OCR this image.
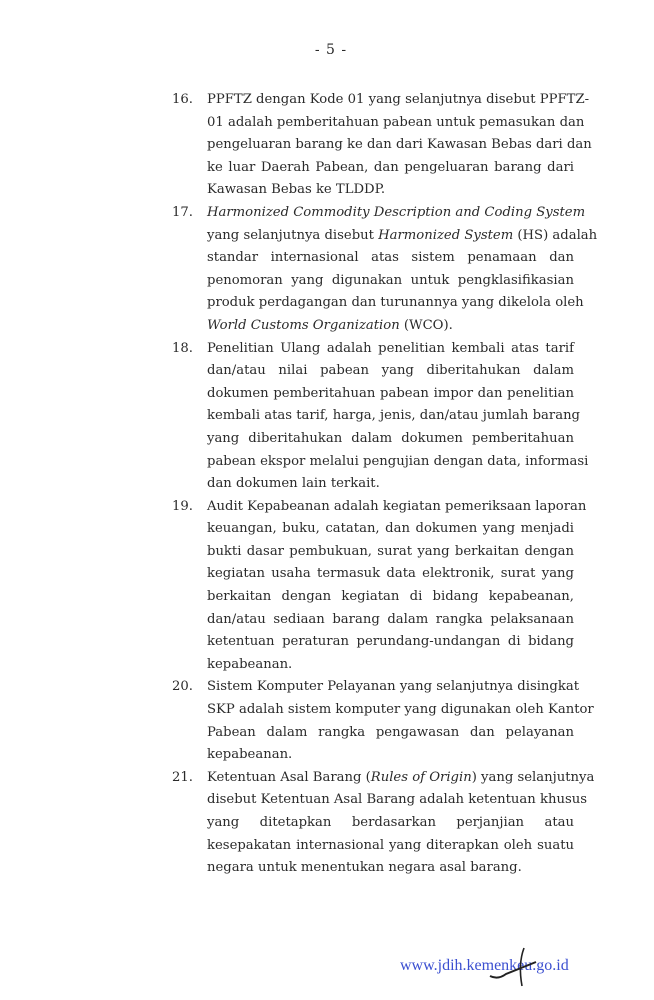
- 5 -
16.	PPFTZ dengan Kode 01 yang selanjutnya disebut PPFTZ-
01 adalah pemberitahuan pabean untuk pemasukan dan
pengeluaran barang ke dan dari Kawasan Bebas dari dan
ke luar Daerah Pabean, dan pengeluaran barang dari
Kawasan Bebas ke TLDDP.
17.	Harmonized Commodity Description and Coding System
yang selanjutnya disebut Harmonized System (HS) adalah
standar internasional atas sistem penamaan dan
penomoran yang digunakan untuk pengklasifikasian
produk perdagangan dan turunannya yang dikelola oleh
World Customs Organization (WCO).
18.	Penelitian Ulang adalah penelitian kembali atas tarif
dan/atau nilai pabean yang diberitahukan dalam
dokumen pemberitahuan pabean impor dan penelitian
kembali atas tarif, harga, jenis, dan/atau jumlah barang
yang diberitahukan dalam dokumen pemberitahuan
pabean ekspor melalui pengujian dengan data, informasi
dan dokumen lain terkait.
19.	Audit Kepabeanan adalah kegiatan pemeriksaan laporan
keuangan, buku, catatan, dan dokumen yang menjadi
bukti dasar pembukuan, surat yang berkaitan dengan
kegiatan usaha termasuk data elektronik, surat yang
berkaitan dengan kegiatan di bidang kepabeanan,
dan/atau sediaan barang dalam rangka pelaksanaan
ketentuan peraturan perundang-undangan di bidang
kepabeanan.
20.	Sistem Komputer Pelayanan yang selanjutnya disingkat
SKP adalah sistem komputer yang digunakan oleh Kantor
Pabean dalam rangka pengawasan dan pelayanan
kepabeanan.
21.	Ketentuan Asal Barang (Rules of Origin) yang selanjutnya
disebut Ketentuan Asal Barang adalah ketentuan khusus
yang ditetapkan berdasarkan perjanjian atau
kesepakatan internasional yang diterapkan oleh suatu
negara untuk menentukan negara asal barang.
www.jdih.kemenkeu.go.id
